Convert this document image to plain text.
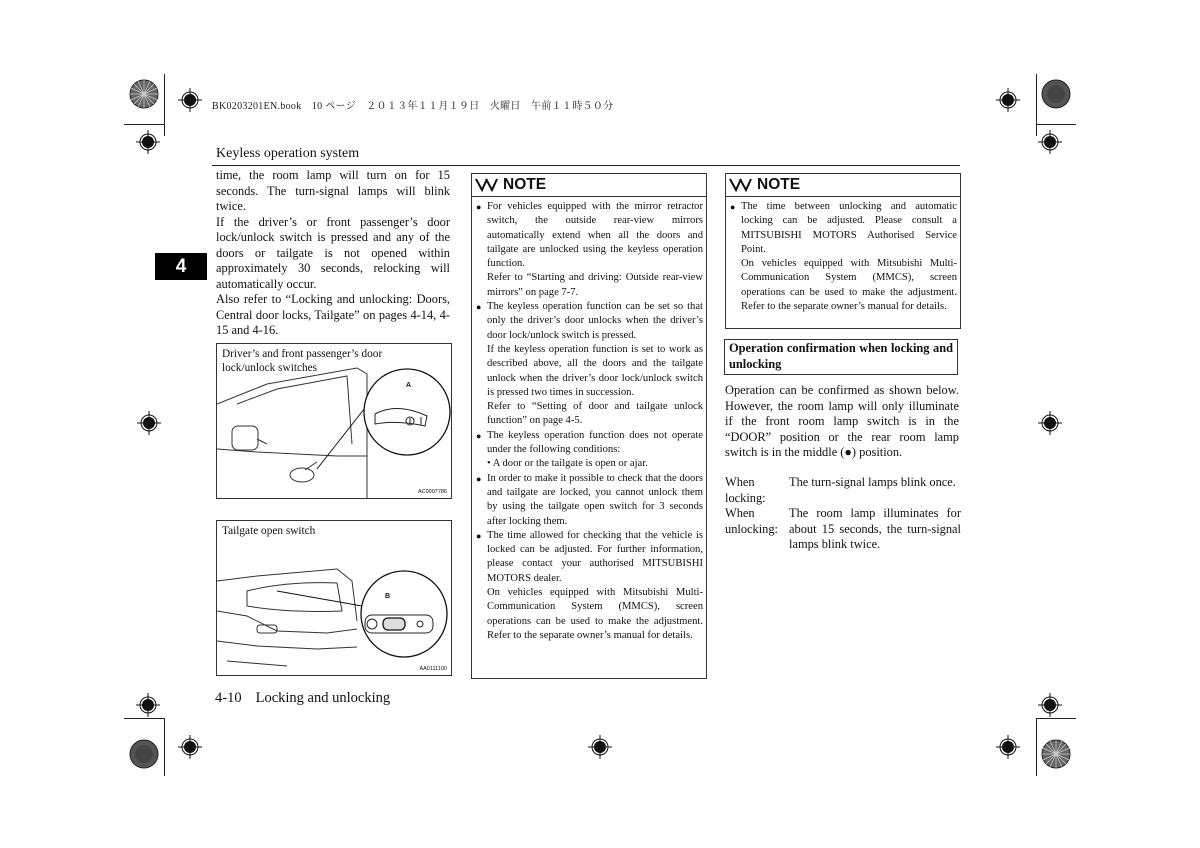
BK0203201EN.book　10 ページ　２０１３年１１月１９日　火曜日　午前１１時５０分
Keyless operation system
4

time, the room lamp will turn on for 15 seconds. The turn-signal lamps will blink twice.

If the driver’s or front passenger’s door lock/unlock switch is pressed and any of the doors or tailgate is not opened within approximately 30 seconds, relocking will automatically occur.

Also refer to “Locking and unlocking: Doors, Central door locks, Tailgate” on pages 4-14, 4-15 and 4-16.

Driver’s and front passenger’s door lock/unlock switches
A
AC0007786
Tailgate open switch
B
AA0111100
NOTE
● For vehicles equipped with the mirror retractor switch, the outside rear-view mirrors automatically extend when all the doors and tailgate are unlocked using the keyless operation function.
Refer to “Starting and driving: Outside rear-view mirrors” on page 7-7.
● The keyless operation function can be set so that only the driver’s door unlocks when the driver’s door lock/unlock switch is pressed.
If the keyless operation function is set to work as described above, all the doors and the tailgate unlock when the driver’s door lock/unlock switch is pressed two times in succession.
Refer to “Setting of door and tailgate unlock function” on page 4-5.
● The keyless operation function does not operate under the following conditions:
• A door or the tailgate is open or ajar.
● In order to make it possible to check that the doors and tailgate are locked, you cannot unlock them by using the tailgate open switch for 3 seconds after locking them.
● The time allowed for checking that the vehicle is locked can be adjusted. For further information, please contact your authorised MITSUBISHI MOTORS dealer.
On vehicles equipped with Mitsubishi Multi-Communication System (MMCS), screen operations can be used to make the adjustment. Refer to the separate owner’s manual for details.
NOTE
● The time between unlocking and automatic locking can be adjusted. Please consult a MITSUBISHI MOTORS Authorised Service Point.
On vehicles equipped with Mitsubishi Multi-Communication System (MMCS), screen operations can be used to make the adjustment. Refer to the separate owner’s manual for details.
Operation confirmation when locking and unlocking
Operation can be confirmed as shown below. However, the room lamp will only illuminate if the front room lamp switch is in the “DOOR” position or the rear room lamp switch is in the middle (●) position.
When locking:
The turn-signal lamps blink once.
When unlocking:
The room lamp illuminates for about 15 seconds, the turn-signal lamps blink twice.
4-10 Locking and unlocking
